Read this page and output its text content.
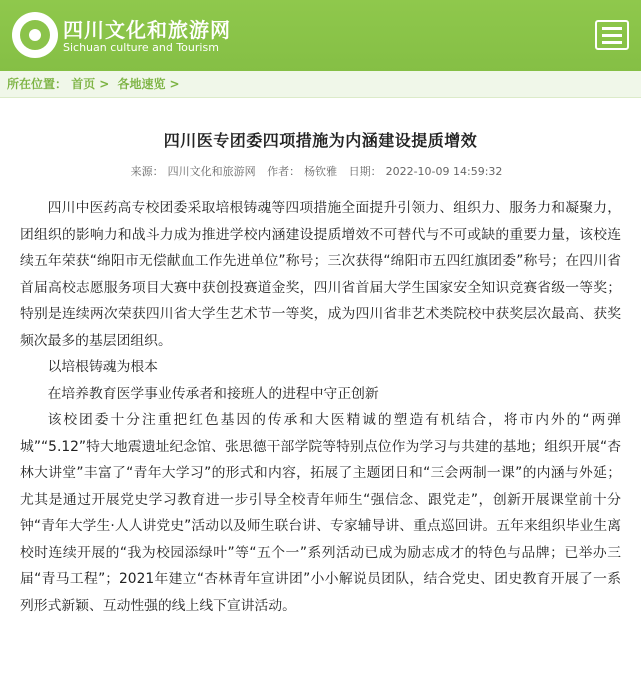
四川文化和旅游网
Sichuan culture and Tourism
所在位置： 首页 > 各地速览 >
四川医专团委四项措施为内涵建设提质增效
来源： 四川文化和旅游网 作者： 杨钦雅 日期： 2022-10-09 14:59:32

四川中医药高专校团委采取培根铸魂等四项措施全面提升引领力、组织力、服务力和凝聚力，团组织的影响力和战斗力成为推进学校内涵建设提质增效不可替代与不可或缺的重要力量，该校连续五年荣获“绵阳市无偿献血工作先进单位”称号；三次获得“绵阳市五四红旗团委”称号；在四川省首届高校志愿服务项目大赛中获创投赛道金奖，四川省首届大学生国家安全知识竞赛省级一等奖；特别是连续两次荣获四川省大学生艺术节一等奖，成为四川省非艺术类院校中获奖层次最高、获奖频次最多的基层团组织。

以培根铸魂为根本

在培养教育医学事业传承者和接班人的进程中守正创新

该校团委十分注重把红色基因的传承和大医精诚的塑造有机结合，将市内外的“两弹城”“5.12”特大地震遗址纪念馆、张思德干部学院等特别点位作为学习与共建的基地；组织开展“杏林大讲堂”丰富了“青年大学习”的形式和内容，拓展了主题团日和“三会两制一课”的内涵与外延；尤其是通过开展党史学习教育进一步引导全校青年师生“强信念、跟党走”，创新开展课堂前十分钟“青年大学生·人人讲党史”活动以及师生联台讲、专家辅导讲、重点巡回讲。五年来组织毕业生离校时连续开展的“我为校园添绿叶”等“五个一”系列活动已成为励志成才的特色与品牌；已举办三届“青马工程”；2021年建立“杏林青年宣讲团”小小解说员团队，结合党史、团史教育开展了一系列形式新颖、互动性强的线上线下宣讲活动。
